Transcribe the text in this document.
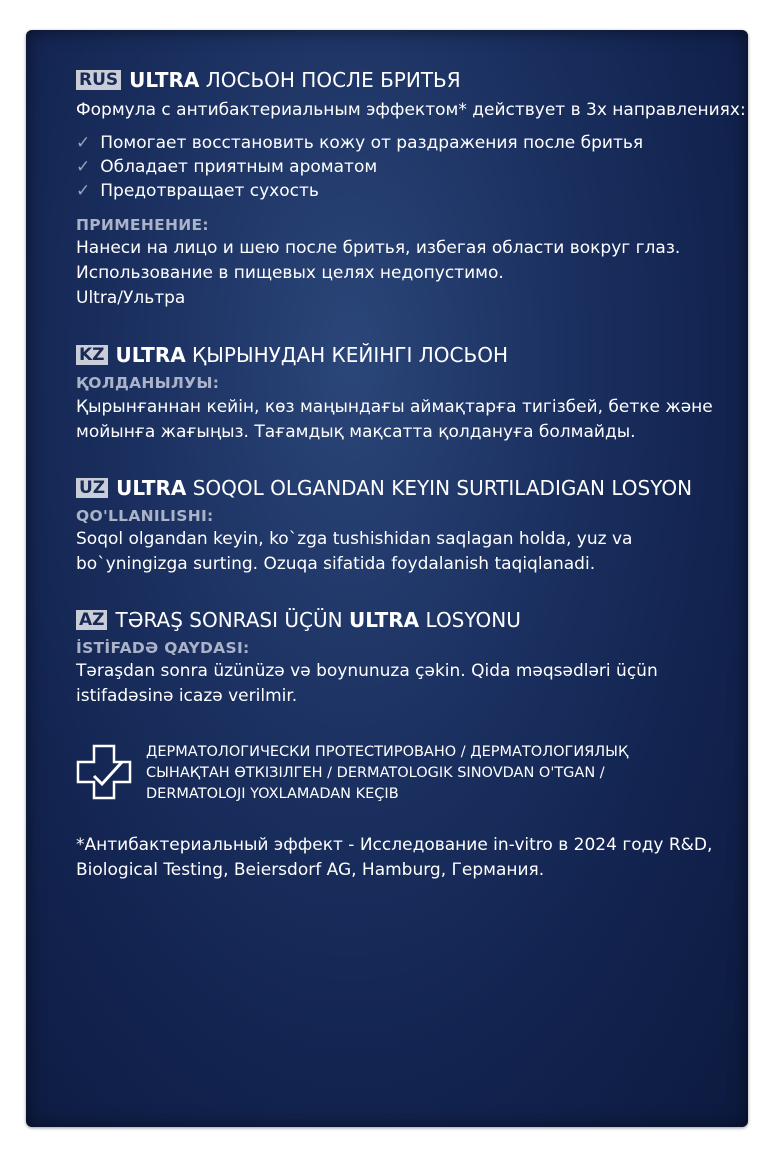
RUS ULTRA ЛОСЬОН ПОСЛЕ БРИТЬЯ
Формула с антибактериальным эффектом* действует в 3х направлениях:
✓ Помогает восстановить кожу от раздражения после бритья
✓ Обладает приятным ароматом
✓ Предотвращает сухость
ПРИМЕНЕНИЕ:
Нанеси на лицо и шею после бритья, избегая области вокруг глаз.
Использование в пищевых целях недопустимо.
Ultra/Ультра
KZ ULTRA ҚЫРЫНУДАН КЕЙІНГІ ЛОСЬОН
ҚОЛДАНЫЛУЫ:
Қырынғаннан кейін, көз маңындағы аймақтарға тигізбей, бетке және
мойынға жағыңыз. Тағамдық мақсатта қолдануға болмайды.
UZ ULTRA SOQOL OLGANDAN KEYIN SURTILADIGAN LOSYON
QO'LLANILISHI:
Soqol olgandan keyin, ko`zga tushishidan saqlagan holda, yuz va
bo`yningizga surting. Ozuqa sifatida foydalanish taqiqlanadi.
AZ TƏRAŞ SONRASI ÜÇÜN ULTRA LOSYONU
İSTİFADƏ QAYDASI:
Təraşdan sonra üzünüzə və boynunuza çəkin. Qida məqsədləri üçün
istifadəsinə icazə verilmir.
ДЕРМАТОЛОГИЧЕСКИ ПРОТЕСТИРОВАНО / ДЕРМАТОЛОГИЯЛЫҚ
СЫНАҚТАН ӨТКІЗІЛГЕН / DERMATOLOGIK SINOVDAN O'TGAN /
DERMATOLOJI YOXLAMADAN KEÇIB
*Антибактериальный эффект - Исследование in-vitro в 2024 году R&D,
Biological Testing, Beiersdorf AG, Hamburg, Германия.
